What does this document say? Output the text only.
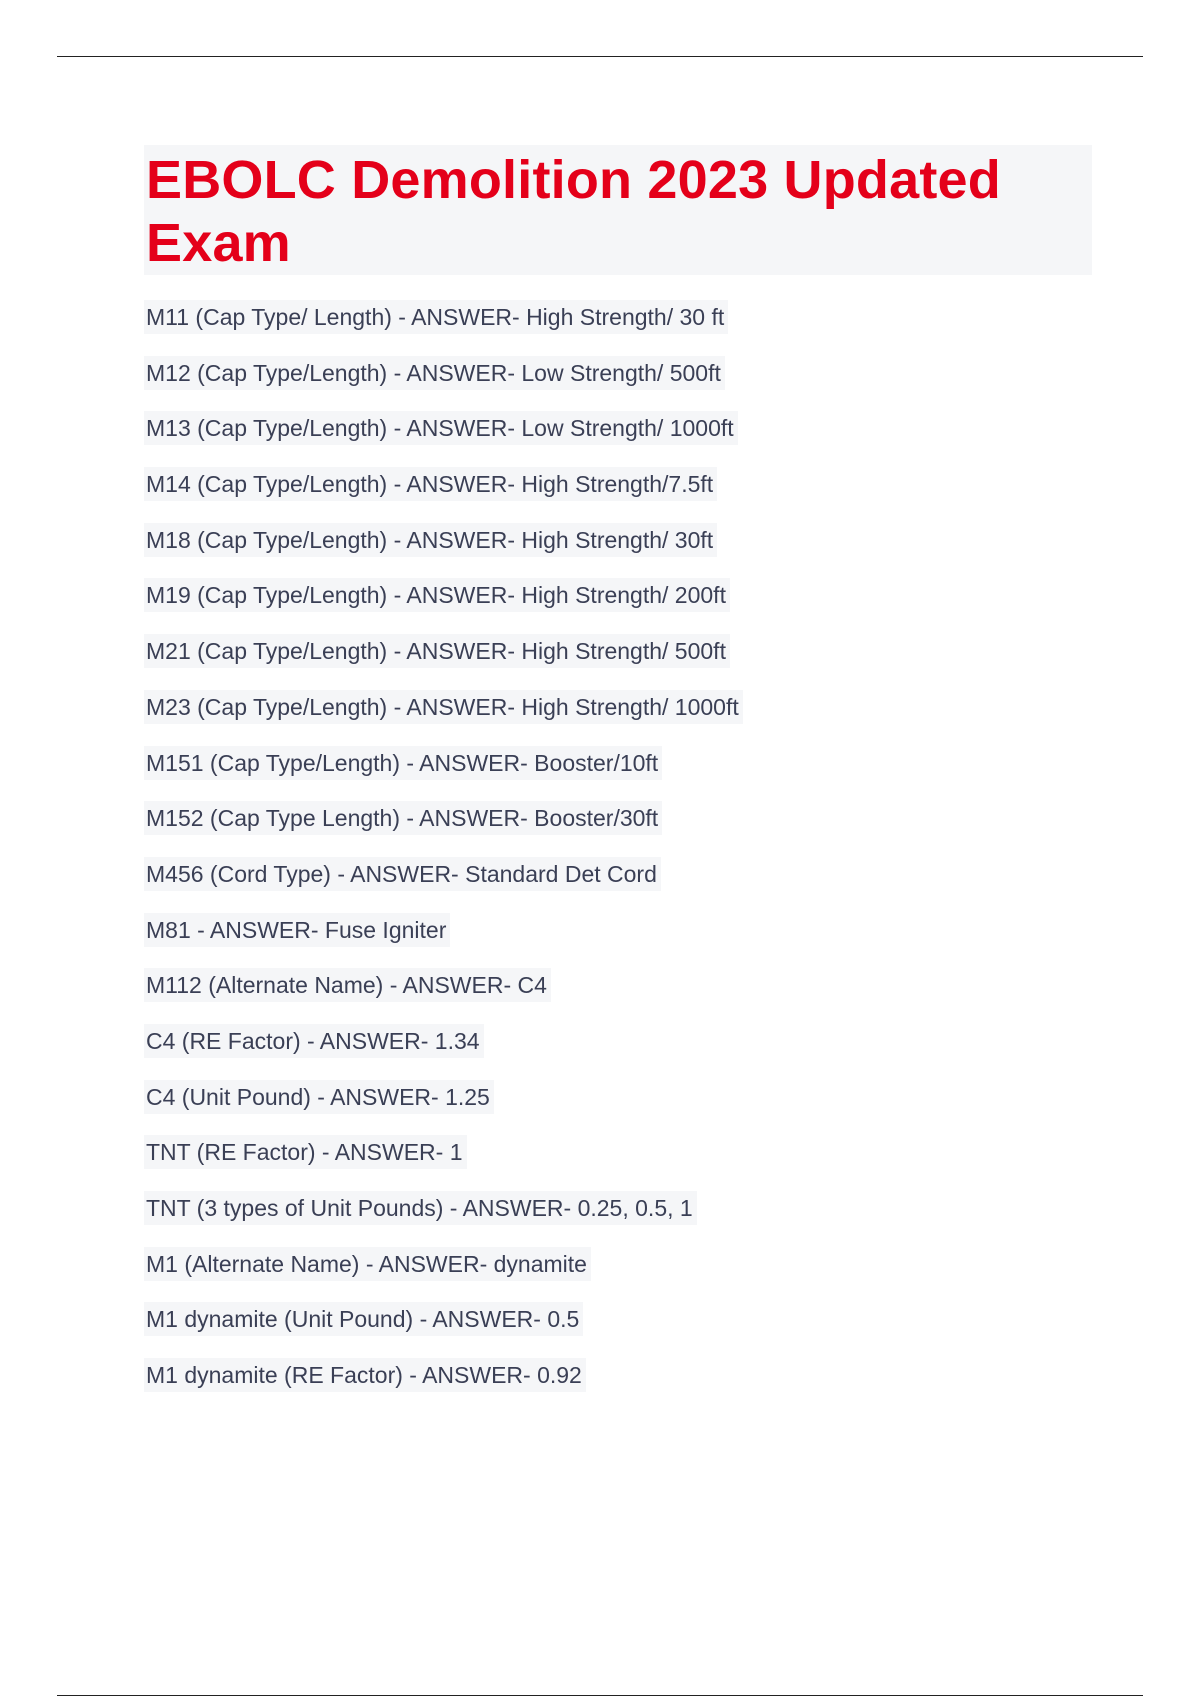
EBOLC Demolition 2023 Updated Exam
M11 (Cap Type/ Length) - ANSWER- High Strength/ 30 ft
M12 (Cap Type/Length) - ANSWER- Low Strength/ 500ft
M13 (Cap Type/Length) - ANSWER- Low Strength/ 1000ft
M14 (Cap Type/Length) - ANSWER- High Strength/7.5ft
M18 (Cap Type/Length) - ANSWER- High Strength/ 30ft
M19 (Cap Type/Length) - ANSWER- High Strength/ 200ft
M21 (Cap Type/Length) - ANSWER- High Strength/ 500ft
M23 (Cap Type/Length) - ANSWER- High Strength/ 1000ft
M151 (Cap Type/Length) - ANSWER- Booster/10ft
M152 (Cap Type Length) - ANSWER- Booster/30ft
M456 (Cord Type) - ANSWER- Standard Det Cord
M81 - ANSWER- Fuse Igniter
M112 (Alternate Name) - ANSWER- C4
C4 (RE Factor) - ANSWER- 1.34
C4 (Unit Pound) - ANSWER- 1.25
TNT (RE Factor) - ANSWER- 1
TNT (3 types of Unit Pounds) - ANSWER- 0.25, 0.5, 1
M1 (Alternate Name) - ANSWER- dynamite
M1 dynamite (Unit Pound) - ANSWER- 0.5
M1 dynamite (RE Factor) - ANSWER- 0.92
